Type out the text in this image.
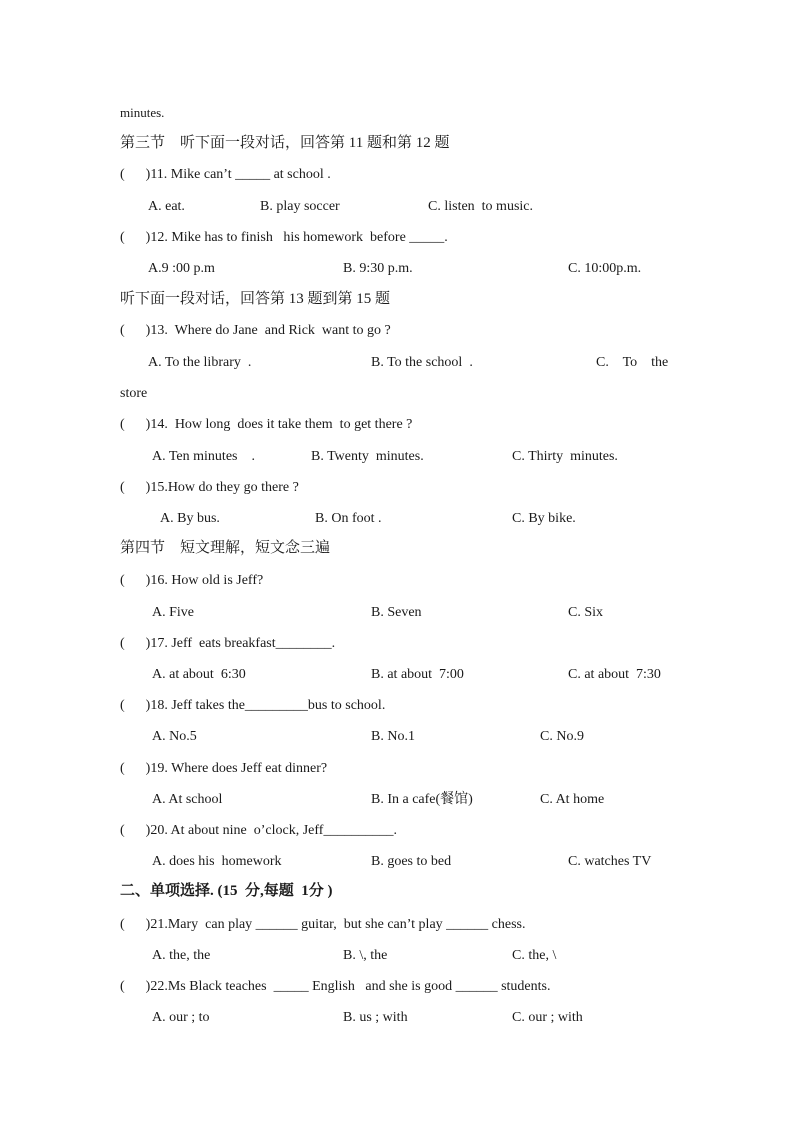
minutes.
第三节    听下面一段对话，回答第 11 题和第 12 题
(      )11. Mike can’t _____ at school .
A. eat.	B. play soccer	C. listen  to music.
(      )12. Mike has to finish   his homework  before _____.
A.9 :00 p.m	B. 9:30 p.m.	C. 10:00p.m.
听下面一段对话，回答第 13 题到第 15 题
(      )13.  Where do Jane  and Rick  want to go ?
A. To the library  .	B. To the school  .	C.    To    the
store
(      )14.  How long  does it take them  to get there ?
A. Ten minutes    .	B. Twenty  minutes.	C. Thirty  minutes.
(      )15.How do they go there ?
A. By bus.	B. On foot .	C. By bike.
第四节    短文理解，短文念三遍
(      )16. How old is Jeff?
A. Five	B. Seven	C. Six
(      )17. Jeff  eats breakfast________.
A. at about  6:30	B. at about  7:00	C. at about  7:30
(      )18. Jeff takes the_________bus to school.
A. No.5	B. No.1	C. No.9
(      )19. Where does Jeff eat dinner?
A. At school	B. In a cafe(餐馆)	C. At home
(      )20. At about nine  o’clock, Jeff__________.
A. does his  homework	B. goes to bed	C. watches TV
二、单项选择. (15  分,每题  1分 )
(      )21.Mary  can play ______ guitar,  but she can’t play ______ chess.
A. the, the	B. \, the	C. the, \
(      )22.Ms Black teaches  _____ English   and she is good ______ students.
A. our ; to	B. us ; with	C. our ; with
